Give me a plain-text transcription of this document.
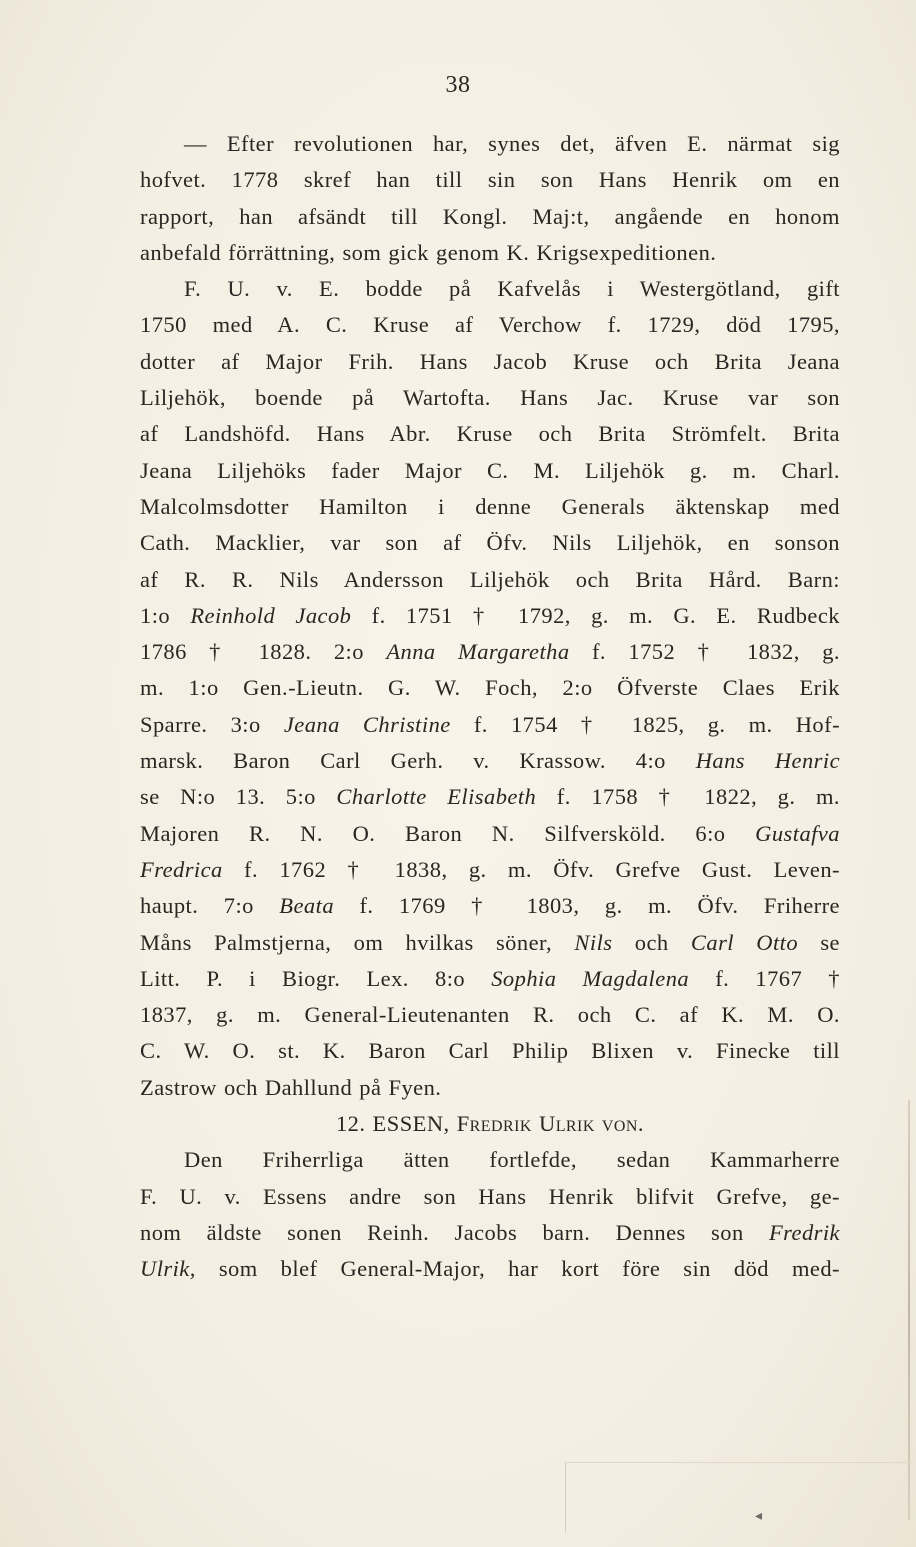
38

— Efter revolutionen har, synes det, äfven E. närmat sig
hofvet. 1778 skref han till sin son Hans Henrik om en
rapport, han afsändt till Kongl. Maj:t, angående en honom
anbefald förrättning, som gick genom K. Krigsexpeditionen.

F. U. v. E. bodde på Kafvelås i Westergötland, gift
1750 med A. C. Kruse af Verchow f. 1729, död 1795,
dotter af Major Frih. Hans Jacob Kruse och Brita Jeana
Liljehök, boende på Wartofta. Hans Jac. Kruse var son
af Landshöfd. Hans Abr. Kruse och Brita Strömfelt. Brita
Jeana Liljehöks fader Major C. M. Liljehök g. m. Charl.
Malcolmsdotter Hamilton i denne Generals äktenskap med
Cath. Macklier, var son af Öfv. Nils Liljehök, en sonson
af R. R. Nils Andersson Liljehök och Brita Hård. Barn:
1:o Reinhold Jacob f. 1751 † 1792, g. m. G. E. Rudbeck
1786 † 1828. 2:o Anna Margaretha f. 1752 † 1832, g.
m. 1:o Gen.-Lieutn. G. W. Foch, 2:o Öfverste Claes Erik
Sparre. 3:o Jeana Christine f. 1754 † 1825, g. m. Hof-
marsk. Baron Carl Gerh. v. Krassow. 4:o Hans Henric
se N:o 13. 5:o Charlotte Elisabeth f. 1758 † 1822, g. m.
Majoren R. N. O. Baron N. Silfversköld. 6:o Gustafva
Fredrica f. 1762 † 1838, g. m. Öfv. Grefve Gust. Leven-
haupt. 7:o Beata f. 1769 † 1803, g. m. Öfv. Friherre
Måns Palmstjerna, om hvilkas söner, Nils och Carl Otto se
Litt. P. i Biogr. Lex. 8:o Sophia Magdalena f. 1767 †
1837, g. m. General-Lieutenanten R. och C. af K. M. O.
C. W. O. st. K. Baron Carl Philip Blixen v. Finecke till
Zastrow och Dahllund på Fyen.

12. ESSEN, Fredrik Ulrik von.

Den Friherrliga ätten fortlefde, sedan Kammarherre
F. U. v. Essens andre son Hans Henrik blifvit Grefve, ge-
nom äldste sonen Reinh. Jacobs barn. Dennes son Fredrik
Ulrik, som blef General-Major, har kort före sin död med-

◂
